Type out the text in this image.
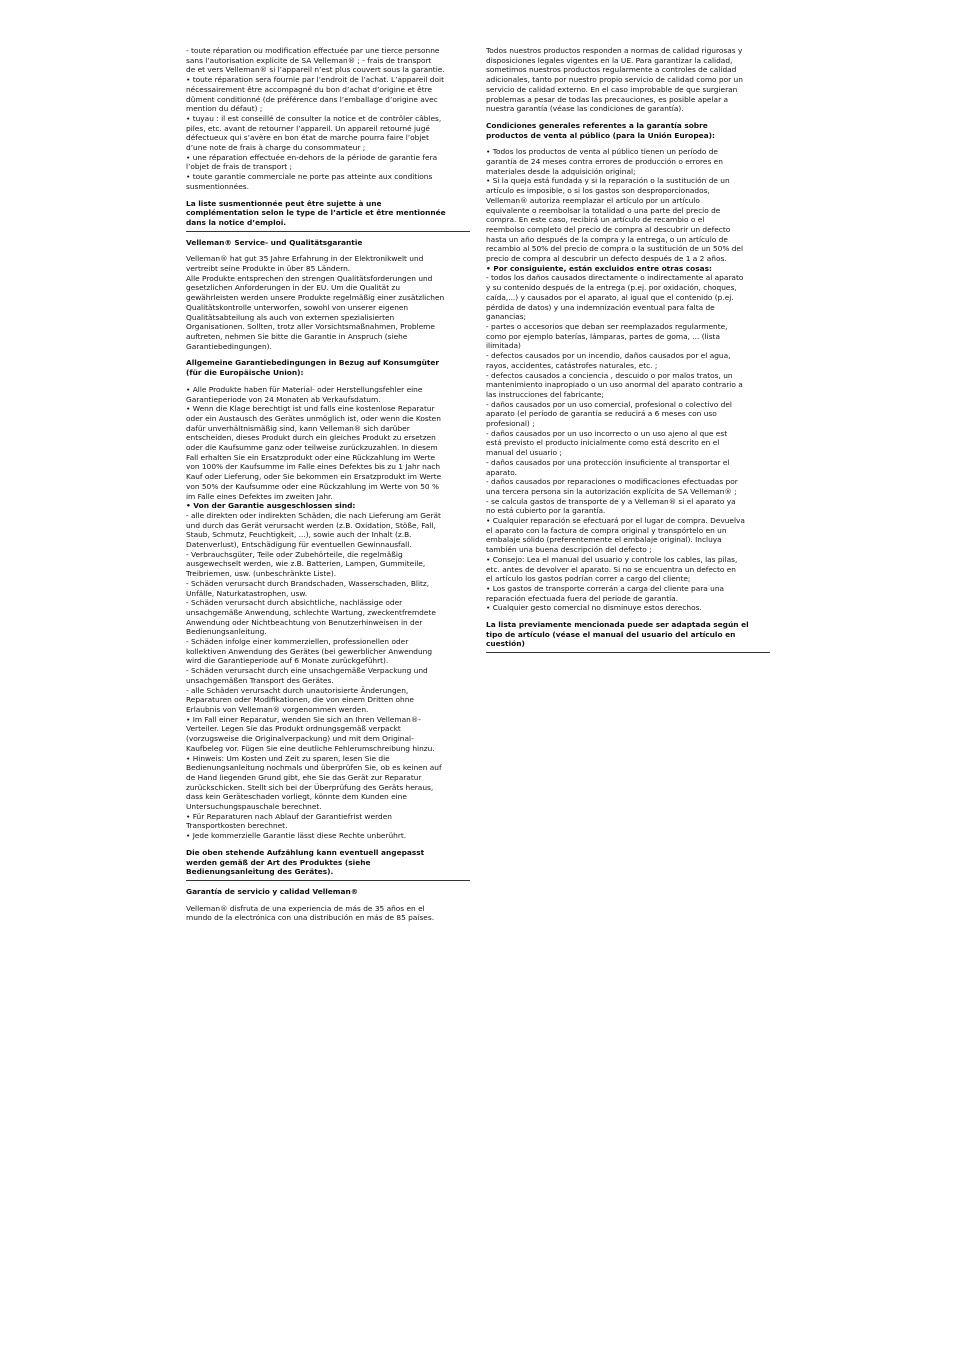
- toute réparation ou modification effectuée par une tierce personne
sans l’autorisation explicite de SA Velleman® ; - frais de transport
de et vers Velleman® si l’appareil n’est plus couvert sous la garantie.
• toute réparation sera fournie par l’endroit de l’achat. L’appareil doit
nécessairement être accompagné du bon d’achat d’origine et être
dûment conditionné (de préférence dans l’emballage d’origine avec
mention du défaut) ;
• tuyau : il est conseillé de consulter la notice et de contrôler câbles,
piles, etc. avant de retourner l’appareil. Un appareil retourné jugé
défectueux qui s’avère en bon état de marche pourra faire l’objet
d’une note de frais à charge du consommateur ;
• une réparation effectuée en-dehors de la période de garantie fera
l’objet de frais de transport ;
• toute garantie commerciale ne porte pas atteinte aux conditions
susmentionnées.
La liste susmentionnée peut être sujette à une
complémentation selon le type de l’article et être mentionnée
dans la notice d’emploi.
Velleman® Service- und Qualitätsgarantie
Velleman® hat gut 35 Jahre Erfahrung in der Elektronikwelt und
vertreibt seine Produkte in über 85 Ländern.
Alle Produkte entsprechen den strengen Qualitätsforderungen und
gesetzlichen Anforderungen in der EU. Um die Qualität zu
gewährleisten werden unsere Produkte regelmäßig einer zusätzlichen
Qualitätskontrolle unterworfen, sowohl von unserer eigenen
Qualitätsabteilung als auch von externen spezialisierten
Organisationen. Sollten, trotz aller Vorsichtsmaßnahmen, Probleme
auftreten, nehmen Sie bitte die Garantie in Anspruch (siehe
Garantiebedingungen).
Allgemeine Garantiebedingungen in Bezug auf Konsumgüter
(für die Europäische Union):
• Alle Produkte haben für Material- oder Herstellungsfehler eine
Garantieperiode von 24 Monaten ab Verkaufsdatum.
• Wenn die Klage berechtigt ist und falls eine kostenlose Reparatur
oder ein Austausch des Gerätes unmöglich ist, oder wenn die Kosten
dafür unverhältnismäßig sind, kann Velleman® sich darüber
entscheiden, dieses Produkt durch ein gleiches Produkt zu ersetzen
oder die Kaufsumme ganz oder teilweise zurückzuzahlen. In diesem
Fall erhalten Sie ein Ersatzprodukt oder eine Rückzahlung im Werte
von 100% der Kaufsumme im Falle eines Defektes bis zu 1 Jahr nach
Kauf oder Lieferung, oder Sie bekommen ein Ersatzprodukt im Werte
von 50% der Kaufsumme oder eine Rückzahlung im Werte von 50 %
im Falle eines Defektes im zweiten Jahr.
• Von der Garantie ausgeschlossen sind:
- alle direkten oder indirekten Schäden, die nach Lieferung am Gerät
und durch das Gerät verursacht werden (z.B. Oxidation, Stöße, Fall,
Staub, Schmutz, Feuchtigkeit, ...), sowie auch der Inhalt (z.B.
Datenverlust), Entschädigung für eventuellen Gewinnausfall.
- Verbrauchsgüter, Teile oder Zubehörteile, die regelmäßig
ausgewechselt werden, wie z.B. Batterien, Lampen, Gummiteile,
Treibriemen, usw. (unbeschränkte Liste).
- Schäden verursacht durch Brandschaden, Wasserschaden, Blitz,
Unfälle, Naturkatastrophen, usw.
- Schäden verursacht durch absichtliche, nachlässige oder
unsachgemäße Anwendung, schlechte Wartung, zweckentfremdete
Anwendung oder Nichtbeachtung von Benutzerhinweisen in der
Bedienungsanleitung.
- Schäden infolge einer kommerziellen, professionellen oder
kollektiven Anwendung des Gerätes (bei gewerblicher Anwendung
wird die Garantieperiode auf 6 Monate zurückgeführt).
- Schäden verursacht durch eine unsachgemäße Verpackung und
unsachgemäßen Transport des Gerätes.
- alle Schäden verursacht durch unautorisierte Änderungen,
Reparaturen oder Modifikationen, die von einem Dritten ohne
Erlaubnis von Velleman® vorgenommen werden.
• Im Fall einer Reparatur, wenden Sie sich an Ihren Velleman®-
Verteiler. Legen Sie das Produkt ordnungsgemäß verpackt
(vorzugsweise die Originalverpackung) und mit dem Original-
Kaufbeleg vor. Fügen Sie eine deutliche Fehlerumschreibung hinzu.
• Hinweis: Um Kosten und Zeit zu sparen, lesen Sie die
Bedienungsanleitung nochmals und überprüfen Sie, ob es keinen auf
de Hand liegenden Grund gibt, ehe Sie das Gerät zur Reparatur
zurückschicken. Stellt sich bei der Überprüfung des Geräts heraus,
dass kein Geräteschaden vorliegt, könnte dem Kunden eine
Untersuchungspauschale berechnet.
• Für Reparaturen nach Ablauf der Garantiefrist werden
Transportkosten berechnet.
• Jede kommerzielle Garantie lässt diese Rechte unberührt.
Die oben stehende Aufzählung kann eventuell angepasst
werden gemäß der Art des Produktes (siehe
Bedienungsanleitung des Gerätes).
Garantía de servicio y calidad Velleman®
Velleman® disfruta de una experiencia de más de 35 años en el
mundo de la electrónica con una distribución en más de 85 países.
Todos nuestros productos responden a normas de calidad rigurosas y
disposiciones legales vigentes en la UE. Para garantizar la calidad,
sometimos nuestros productos regularmente a controles de calidad
adicionales, tanto por nuestro propio servicio de calidad como por un
servicio de calidad externo. En el caso improbable de que surgieran
problemas a pesar de todas las precauciones, es posible apelar a
nuestra garantía (véase las condiciones de garantía).
Condiciones generales referentes a la garantía sobre
productos de venta al público (para la Unión Europea):
• Todos los productos de venta al público tienen un período de
garantía de 24 meses contra errores de producción o errores en
materiales desde la adquisición original;
• Si la queja está fundada y si la reparación o la sustitución de un
artículo es imposible, o si los gastos son desproporcionados,
Velleman® autoriza reemplazar el artículo por un artículo
equivalente o reembolsar la totalidad o una parte del precio de
compra. En este caso, recibirá un artículo de recambio o el
reembolso completo del precio de compra al descubrir un defecto
hasta un año después de la compra y la entrega, o un artículo de
recambio al 50% del precio de compra o la sustitución de un 50% del
precio de compra al descubrir un defecto después de 1 a 2 años.
• Por consiguiente, están excluidos entre otras cosas:
- todos los daños causados directamente o indirectamente al aparato
y su contenido después de la entrega (p.ej. por oxidación, choques,
caída,...) y causados por el aparato, al igual que el contenido (p.ej.
pérdida de datos) y una indemnización eventual para falta de
ganancias;
- partes o accesorios que deban ser reemplazados regularmente,
como por ejemplo baterías, lámparas, partes de goma, ... (lista
ilimitada)
- defectos causados por un incendio, daños causados por el agua,
rayos, accidentes, catástrofes naturales, etc. ;
- defectos causados a conciencia , descuido o por malos tratos, un
mantenimiento inapropiado o un uso anormal del aparato contrario a
las instrucciones del fabricante;
- daños causados por un uso comercial, profesional o colectivo del
aparato (el período de garantía se reducirá a 6 meses con uso
profesional) ;
- daños causados por un uso incorrecto o un uso ajeno al que est
está previsto el producto inicialmente como está descrito en el
manual del usuario ;
- daños causados por una protección insuficiente al transportar el
aparato.
- daños causados por reparaciones o modificaciones efectuadas por
una tercera persona sin la autorización explícita de SA Velleman® ;
- se calcula gastos de transporte de y a Velleman® si el aparato ya
no está cubierto por la garantía.
• Cualquier reparación se efectuará por el lugar de compra. Devuelva
el aparato con la factura de compra original y transpórtelo en un
embalaje sólido (preferentemente el embalaje original). Incluya
también una buena descripción del defecto ;
• Consejo: Lea el manual del usuario y controle los cables, las pilas,
etc. antes de devolver el aparato. Si no se encuentra un defecto en
el artículo los gastos podrían correr a cargo del cliente;
• Los gastos de transporte correrán a carga del cliente para una
reparación efectuada fuera del periode de garantía.
• Cualquier gesto comercial no disminuye estos derechos.
La lista previamente mencionada puede ser adaptada según el
tipo de artículo (véase el manual del usuario del artículo en
cuestión)
